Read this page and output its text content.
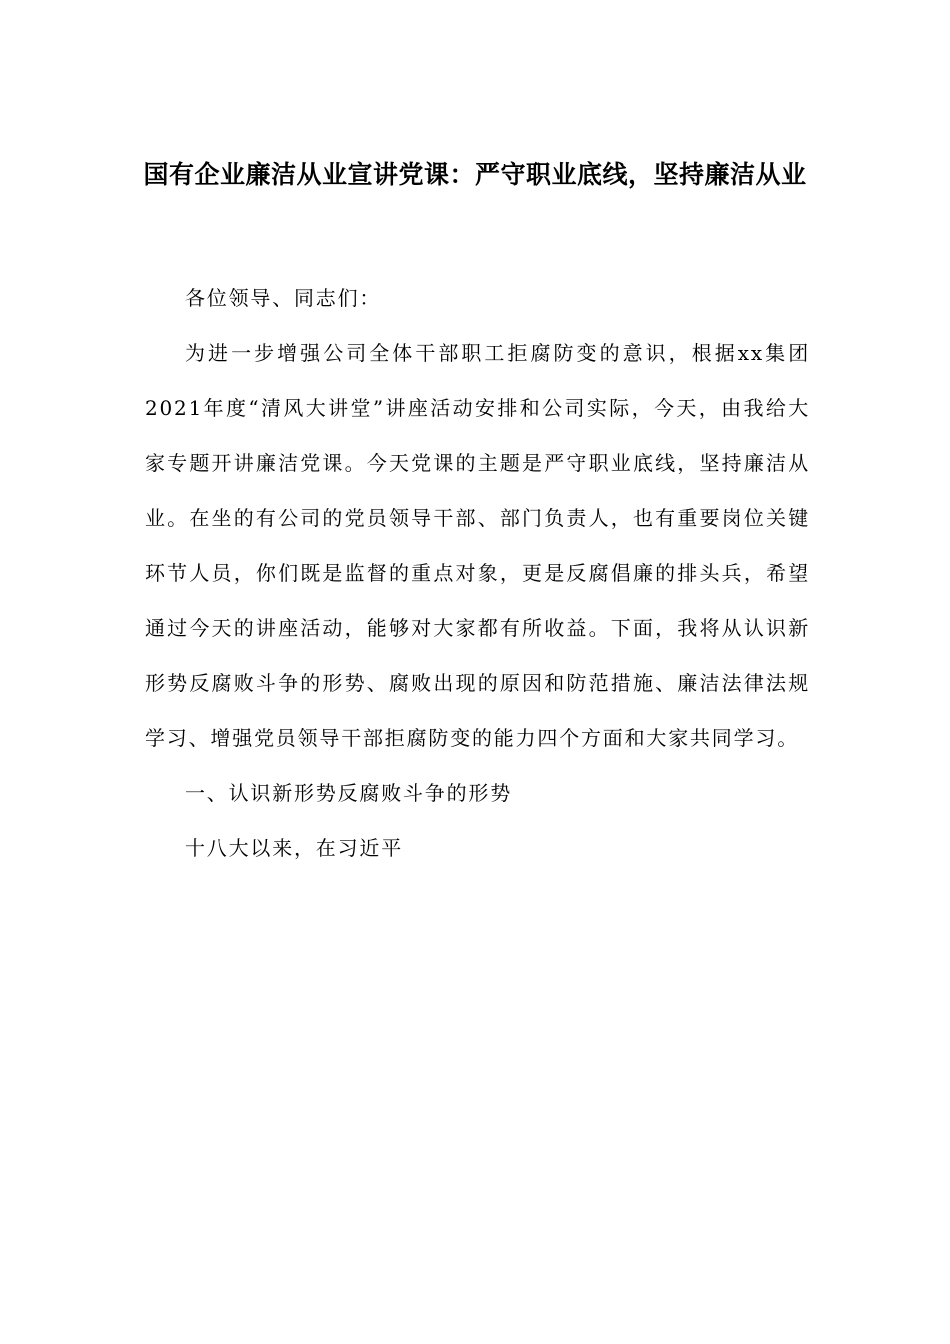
国有企业廉洁从业宣讲党课：严守职业底线，坚持廉洁从业

各位领导、同志们：

为进一步增强公司全体干部职工拒腐防变的意识，根据xx集团2021年度“清风大讲堂”讲座活动安排和公司实际，今天，由我给大家专题开讲廉洁党课。今天党课的主题是严守职业底线，坚持廉洁从业。在坐的有公司的党员领导干部、部门负责人，也有重要岗位关键环节人员，你们既是监督的重点对象，更是反腐倡廉的排头兵，希望通过今天的讲座活动，能够对大家都有所收益。下面，我将从认识新形势反腐败斗争的形势、腐败出现的原因和防范措施、廉洁法律法规学习、增强党员领导干部拒腐防变的能力四个方面和大家共同学习。

一、认识新形势反腐败斗争的形势

十八大以来，在习近平
